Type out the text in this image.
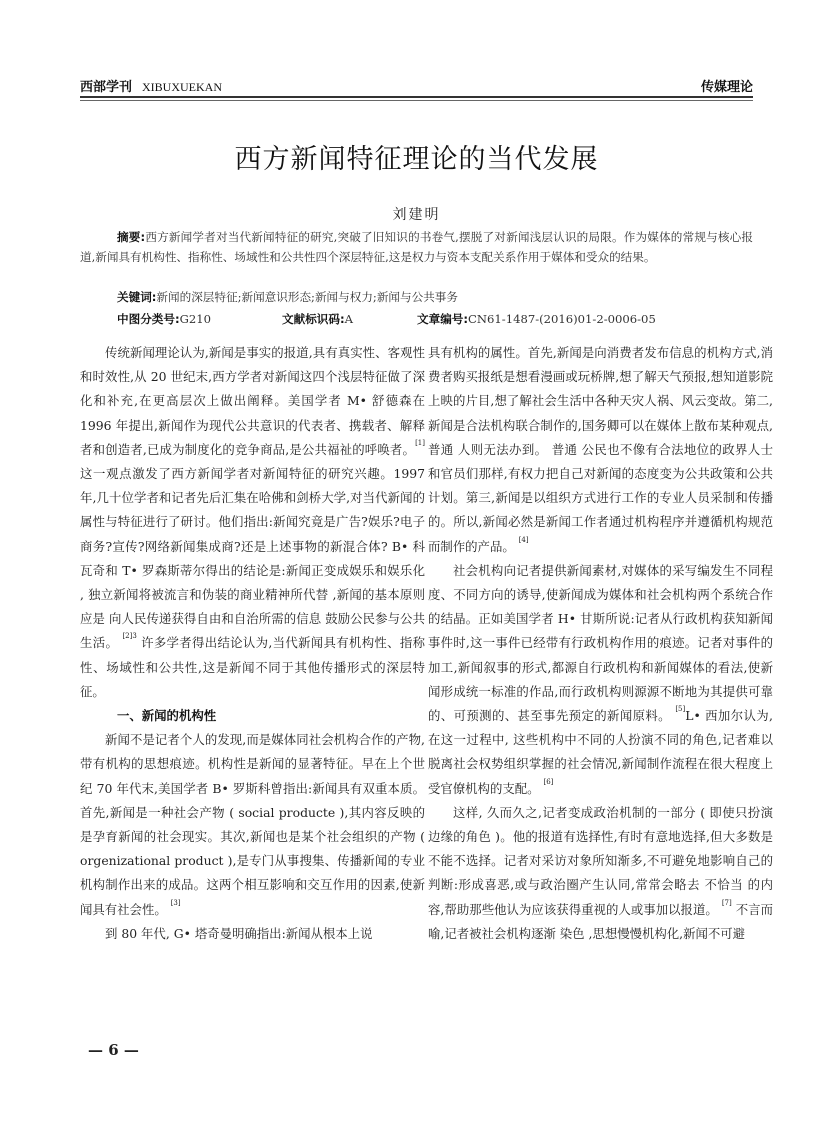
西部学刊 XIBUXUEKAN	传媒理论
西方新闻特征理论的当代发展
刘建明
摘要:西方新闻学者对当代新闻特征的研究,突破了旧知识的书卷气,摆脱了对新闻浅层认识的局限。作为媒体的常规与核心报道,新闻具有机构性、指称性、场域性和公共性四个深层特征,这是权力与资本支配关系作用于媒体和受众的结果。
关键词:新闻的深层特征;新闻意识形态;新闻与权力;新闻与公共事务
中图分类号:G210	文献标识码:A	文章编号:CN61-1487-(2016)01-2-0006-05

传统新闻理论认为,新闻是事实的报道,具有真实性、客观性和时效性,从 20 世纪末,西方学者对新闻这四个浅层特征做了深化和补充,在更高层次上做出阐释。美国学者 M• 舒德森在 1996 年提出,新闻作为现代公共意识的代表者、携载者、解释者和创造者,已成为制度化的竞争商品,是公共福祉的呼唤者。[1] 这一观点激发了西方新闻学者对新闻特征的研究兴趣。1997 年,几十位学者和记者先后汇集在哈佛和剑桥大学,对当代新闻的属性与特征进行了研讨。他们指出:新闻究竟是广告?娱乐?电子商务?宣传?网络新闻集成商?还是上述事物的新混合体? B• 科瓦奇和 T• 罗森斯蒂尔得出的结论是:新闻正变成娱乐和娱乐化 , 独立新闻将被流言和伪装的商业精神所代替 ,新闻的基本原则应是 向人民传递获得自由和自治所需的信息 鼓励公民参与公共生活。 $^{[2]3}$ 许多学者得出结论认为,当代新闻具有机构性、指称性、场域性和公共性,这是新闻不同于其他传播形式的深层特征。

一、新闻的机构性

新闻不是记者个人的发现,而是媒体同社会机构合作的产物,带有机构的思想痕迹。机构性是新闻的显著特征。早在上个世纪 70 年代末,美国学者 B• 罗斯科曾指出:新闻具有双重本质。首先,新闻是一种社会产物 ( social producte ),其内容反映的是孕育新闻的社会现实。其次,新闻也是某个社会组织的产物 ( orgenizational product ),是专门从事搜集、传播新闻的专业机构制作出来的成品。这两个相互影响和交互作用的因素,使新闻具有社会性。 [3]

到 80 年代, G• 塔奇曼明确指出:新闻从根本上说

具有机构的属性。首先,新闻是向消费者发布信息的机构方式,消费者购买报纸是想看漫画或玩桥牌,想了解天气预报,想知道影院上映的片目,想了解社会生活中各种天灾人祸、风云变故。第二,新闻是合法机构联合制作的,国务卿可以在媒体上散布某种观点, 普通 人则无法办到。 普通 公民也不像有合法地位的政界人士和官员们那样,有权力把自己对新闻的态度变为公共政策和公共计划。第三,新闻是以组织方式进行工作的专业人员采制和传播的。所以,新闻必然是新闻工作者通过机构程序并遵循机构规范而制作的产品。 [4]

社会机构向记者提供新闻素材,对媒体的采写编发生不同程度、不同方向的诱导,使新闻成为媒体和社会机构两个系统合作的结晶。正如美国学者 H• 甘斯所说:记者从行政机构获知新闻事件时,这一事件已经带有行政机构作用的痕迹。记者对事件的加工,新闻叙事的形式,都源自行政机构和新闻媒体的看法,使新闻形成统一标准的作品,而行政机构则源源不断地为其提供可靠的、可预测的、甚至事先预定的新闻原料。 [5]L• 西加尔认为,在这一过程中, 这些机构中不同的人扮演不同的角色,记者难以脱离社会权势组织掌握的社会情况,新闻制作流程在很大程度上受官僚机构的支配。 [6]

这样, 久而久之,记者变成政治机制的一部分 ( 即使只扮演边缘的角色 )。他的报道有选择性,有时有意地选择,但大多数是不能不选择。记者对采访对象所知渐多,不可避免地影响自己的判断:形成喜恶,或与政治圈产生认同,常常会略去 不恰当 的内容,帮助那些他认为应该获得重视的人或事加以报道。 [7] 不言而喻,记者被社会机构逐渐 染色 ,思想慢慢机构化,新闻不可避

— 6 —
